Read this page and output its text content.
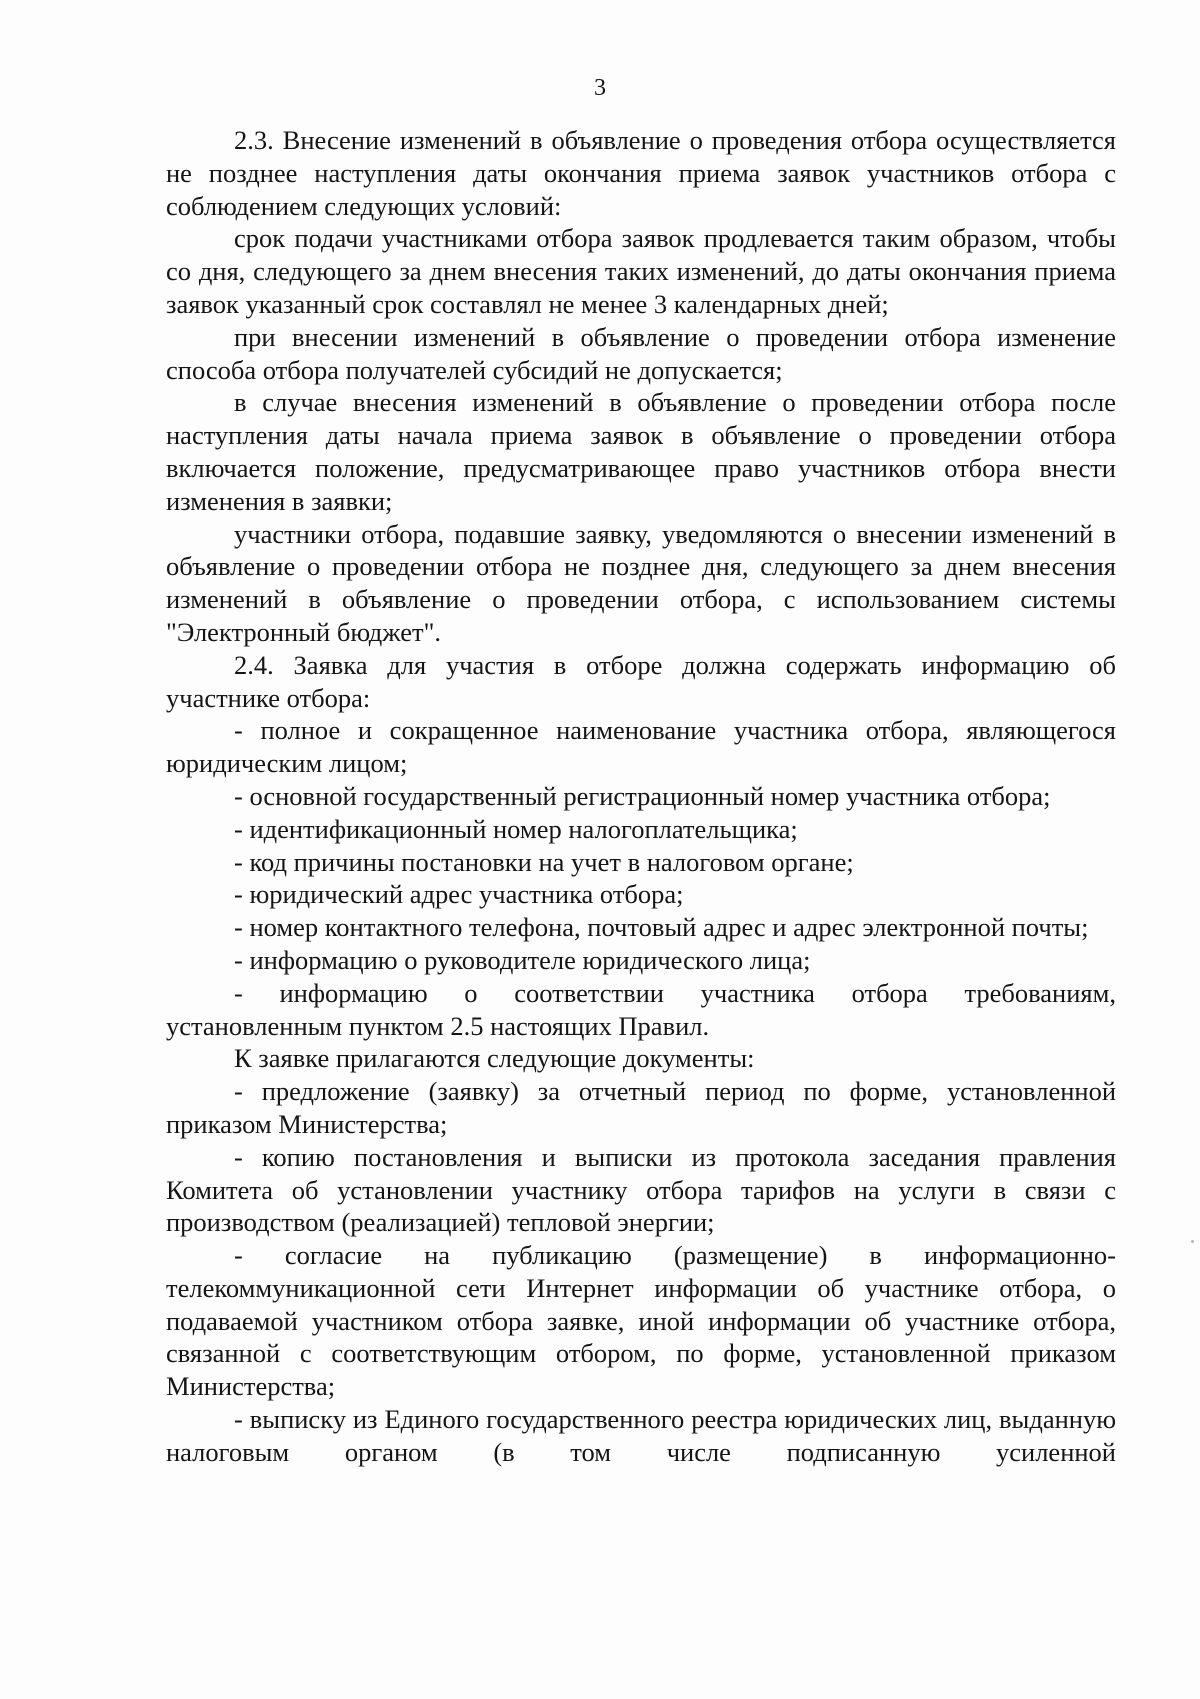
3

2.3. Внесение изменений в объявление о проведения отбора осуществляется не позднее наступления даты окончания приема заявок участников отбора с соблюдением следующих условий:

срок подачи участниками отбора заявок продлевается таким образом, чтобы со дня, следующего за днем внесения таких изменений, до даты окончания приема заявок указанный срок составлял не менее 3 календарных дней;

при внесении изменений в объявление о проведении отбора изменение способа отбора получателей субсидий не допускается;

в случае внесения изменений в объявление о проведении отбора после наступления даты начала приема заявок в объявление о проведении отбора включается положение, предусматривающее право участников отбора внести изменения в заявки;

участники отбора, подавшие заявку, уведомляются о внесении изменений в объявление о проведении отбора не позднее дня, следующего за днем внесения изменений в объявление о проведении отбора, с использованием системы "Электронный бюджет".

2.4. Заявка для участия в отборе должна содержать информацию об участнике отбора:

- полное и сокращенное наименование участника отбора, являющегося юридическим лицом;

- основной государственный регистрационный номер участника отбора;

- идентификационный номер налогоплательщика;

- код причины постановки на учет в налоговом органе;

- юридический адрес участника отбора;

- номер контактного телефона, почтовый адрес и адрес электронной почты;

- информацию о руководителе юридического лица;

- информацию о соответствии участника отбора требованиям, установленным пунктом 2.5 настоящих Правил.

К заявке прилагаются следующие документы:

- предложение (заявку) за отчетный период по форме, установленной приказом Министерства;

- копию постановления и выписки из протокола заседания правления Комитета об установлении участнику отбора тарифов на услуги в связи с производством (реализацией) тепловой энергии;

- согласие на публикацию (размещение) в информационно-телекоммуникационной сети Интернет информации об участнике отбора, о подаваемой участником отбора заявке, иной информации об участнике отбора, связанной с соответствующим отбором, по форме, установленной приказом Министерства;

- выписку из Единого государственного реестра юридических лиц, выданную налоговым органом (в том числе подписанную усиленной
